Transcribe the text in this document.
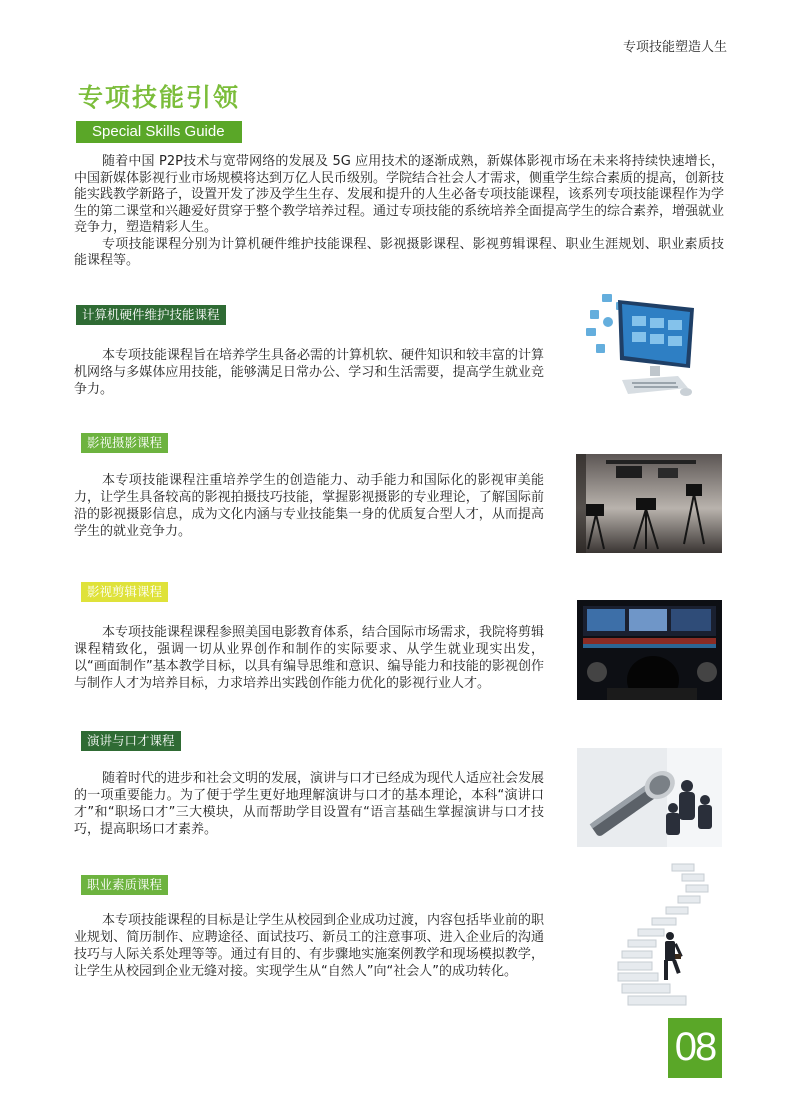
专项技能塑造人生
专项技能引领
Special Skills Guide

随着中国 P2P技术与宽带网络的发展及 5G 应用技术的逐渐成熟，新媒体影视市场在未来将持续快速增长，中国新媒体影视行业市场规模将达到万亿人民币级别。学院结合社会人才需求，侧重学生综合素质的提高，创新技能实践教学新路子，设置开发了涉及学生生存、发展和提升的人生必备专项技能课程，该系列专项技能课程作为学生的第二课堂和兴趣爱好贯穿于整个教学培养过程。通过专项技能的系统培养全面提高学生的综合素养，增强就业竞争力，塑造精彩人生。

专项技能课程分别为计算机硬件维护技能课程、影视摄影课程、影视剪辑课程、职业生涯规划、职业素质技能课程等。

计算机硬件维护技能课程

本专项技能课程旨在培养学生具备必需的计算机软、硬件知识和较丰富的计算机网络与多媒体应用技能，能够满足日常办公、学习和生活需要，提高学生就业竞争力。

影视摄影课程

本专项技能课程注重培养学生的创造能力、动手能力和国际化的影视审美能力，让学生具备较高的影视拍摄技巧技能，掌握影视摄影的专业理论，了解国际前沿的影视摄影信息，成为文化内涵与专业技能集一身的优质复合型人才，从而提高学生的就业竞争力。

影视剪辑课程

本专项技能课程课程参照美国电影教育体系，结合国际市场需求，我院将剪辑课程精致化，强调一切从业界创作和制作的实际要求、从学生就业现实出发，以“画面制作”基本教学目标，以具有编导思维和意识、编导能力和技能的影视创作与制作人才为培养目标，力求培养出实践创作能力优化的影视行业人才。

演讲与口才课程

随着时代的进步和社会文明的发展，演讲与口才已经成为现代人适应社会发展的一项重要能力。为了便于学生更好地理解演讲与口才的基本理论，本科“演讲口才”和“职场口才”三大模块，从而帮助学目设置有“语言基础生掌握演讲与口才技巧，提高职场口才素养。

职业素质课程

本专项技能课程的目标是让学生从校园到企业成功过渡，内容包括毕业前的职业规划、简历制作、应聘途径、面试技巧、新员工的注意事项、进入企业后的沟通技巧与人际关系处理等等。通过有目的、有步骤地实施案例教学和现场模拟教学，让学生从校园到企业无缝对接。实现学生从“自然人”向“社会人”的成功转化。

08
